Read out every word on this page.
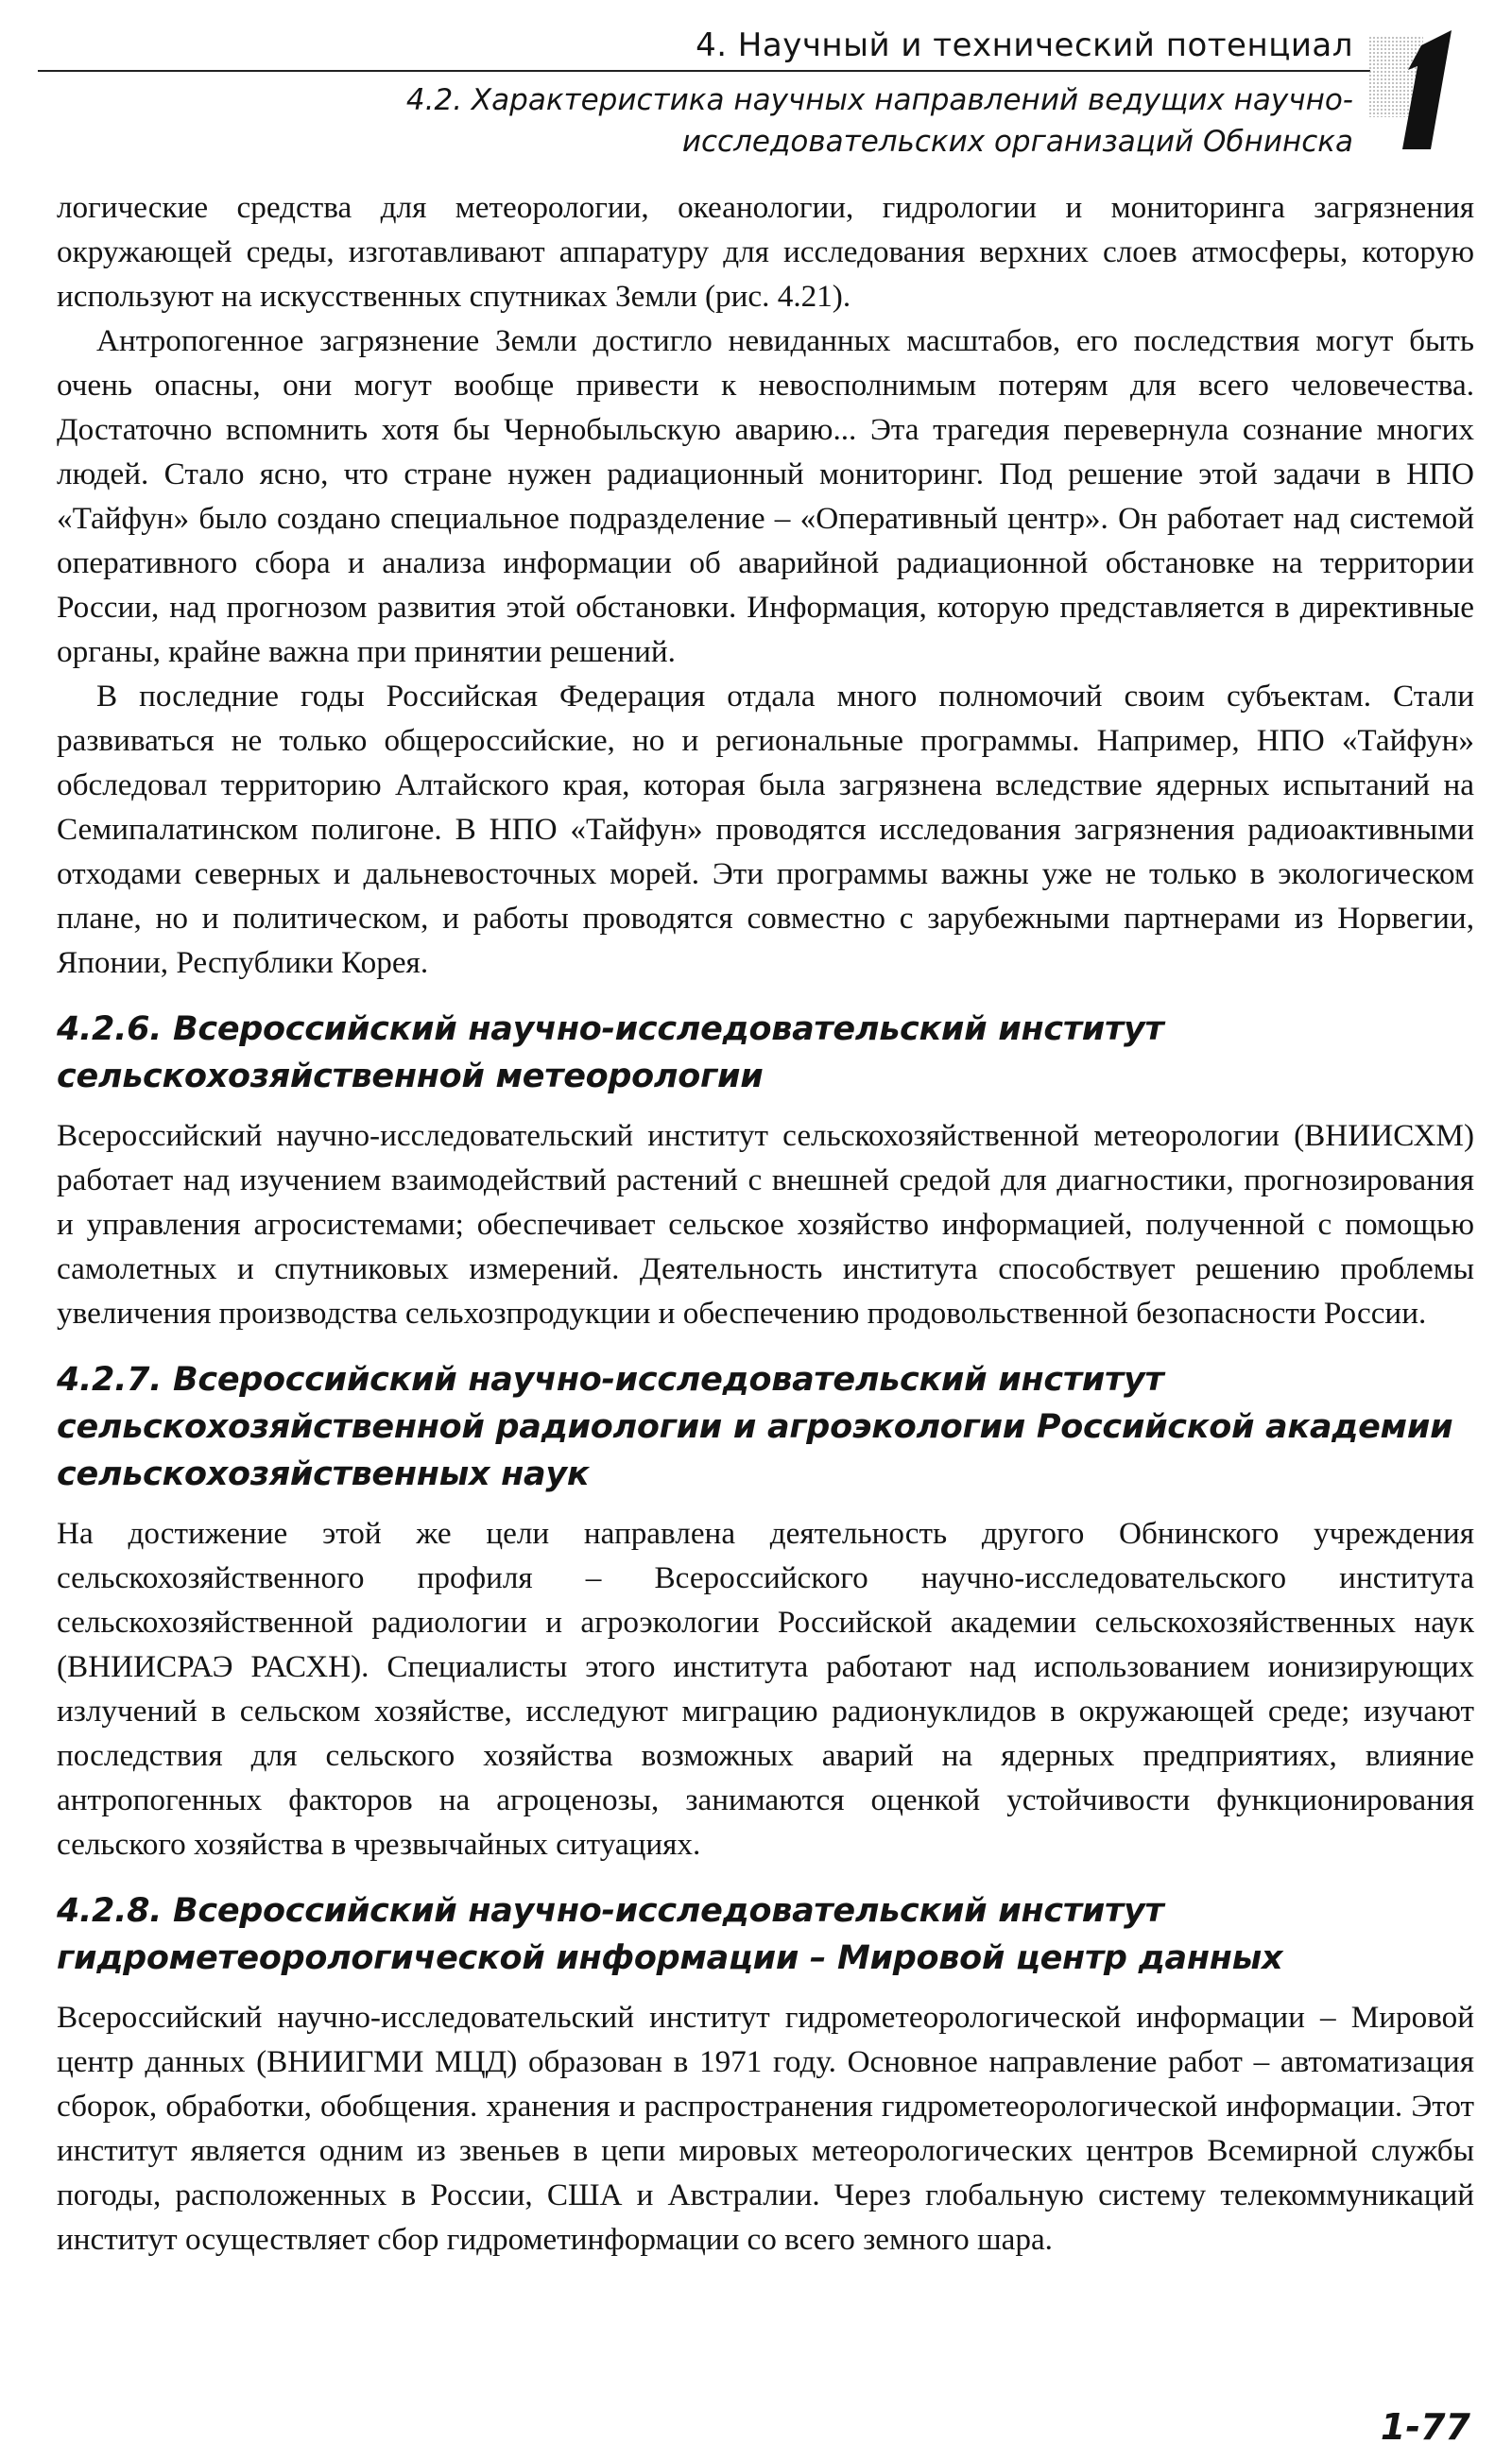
4. Научный и технический потенциал
4.2. Характеристика научных направлений ведущих научно-исследовательских организаций Обнинска

логические средства для метеорологии, океанологии, гидрологии и мониторинга загрязнения окружающей среды, изготавливают аппаратуру для исследования верхних слоев атмосферы, которую используют на искусственных спутниках Земли (рис. 4.21).

Антропогенное загрязнение Земли достигло невиданных масштабов, его последствия могут быть очень опасны, они могут вообще привести к невосполнимым потерям для всего человечества. Достаточно вспомнить хотя бы Чернобыльскую аварию... Эта трагедия перевернула сознание многих людей. Стало ясно, что стране нужен радиационный мониторинг. Под решение этой задачи в НПО «Тайфун» было создано специальное подразделение – «Оперативный центр». Он работает над системой оперативного сбора и анализа информации об аварийной радиационной обстановке на территории России, над прогнозом развития этой обстановки. Информация, которую представляется в директивные органы, крайне важна при принятии решений.

В последние годы Российская Федерация отдала много полномочий своим субъектам. Стали развиваться не только общероссийские, но и региональные программы. Например, НПО «Тайфун» обследовал территорию Алтайского края, которая была загрязнена вследствие ядерных испытаний на Семипалатинском полигоне. В НПО «Тайфун» проводятся исследования загрязнения радиоактивными отходами северных и дальневосточных морей. Эти программы важны уже не только в экологическом плане, но и политическом, и работы проводятся совместно с зарубежными партнерами из Норвегии, Японии, Республики Корея.

4.2.6. Всероссийский научно-исследовательский институт сельскохозяйственной метеорологии

Всероссийский научно-исследовательский институт сельскохозяйственной метеорологии (ВНИИСХМ) работает над изучением взаимодействий растений с внешней средой для диагностики, прогнозирования и управления агросистемами; обеспечивает сельское хозяйство информацией, полученной с помощью самолетных и спутниковых измерений. Деятельность института способствует решению проблемы увеличения производства сельхозпродукции и обеспечению продовольственной безопасности России.

4.2.7. Всероссийский научно-исследовательский институт сельскохозяйственной радиологии и агроэкологии Российской академии сельскохозяйственных наук

На достижение этой же цели направлена деятельность другого Обнинского учреждения сельскохозяйственного профиля – Всероссийского научно-исследовательского института сельскохозяйственной радиологии и агроэкологии Российской академии сельскохозяйственных наук (ВНИИСРАЭ РАСХН). Специалисты этого института работают над использованием ионизирующих излучений в сельском хозяйстве, исследуют миграцию радионуклидов в окружающей среде; изучают последствия для сельского хозяйства возможных аварий на ядерных предприятиях, влияние антропогенных факторов на агроценозы, занимаются оценкой устойчивости функционирования сельского хозяйства в чрезвычайных ситуациях.

4.2.8. Всероссийский научно-исследовательский институт гидрометеорологической информации – Мировой центр данных

Всероссийский научно-исследовательский институт гидрометеорологической информации – Мировой центр данных (ВНИИГМИ МЦД) образован в 1971 году. Основное направление работ – автоматизация сборок, обработки, обобщения. хранения и распространения гидрометеорологической информации. Этот институт является одним из звеньев в цепи мировых метеорологических центров Всемирной службы погоды, расположенных в России, США и Австралии. Через глобальную систему телекоммуникаций институт осуществляет сбор гидрометинформации со всего земного шара.

1-77
